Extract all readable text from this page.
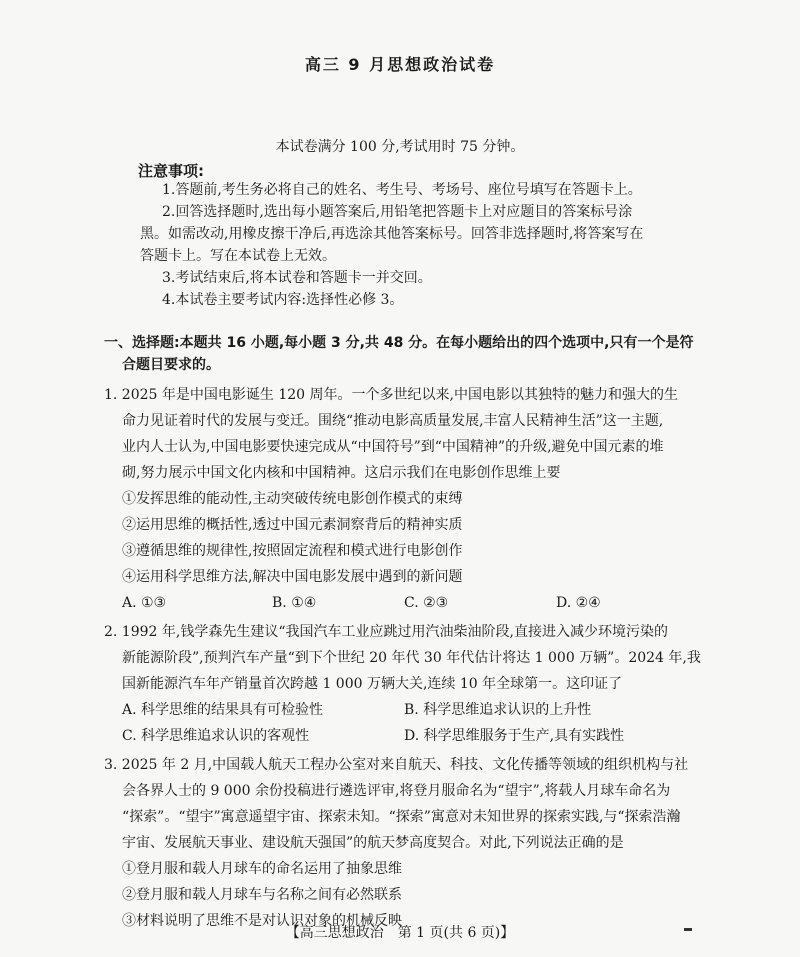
高三 9 月思想政治试卷
本试卷满分 100 分,考试用时 75 分钟。
注意事项:
1.答题前,考生务必将自己的姓名、考生号、考场号、座位号填写在答题卡上。
2.回答选择题时,选出每小题答案后,用铅笔把答题卡上对应题目的答案标号涂
黑。如需改动,用橡皮擦干净后,再选涂其他答案标号。回答非选择题时,将答案写在
答题卡上。写在本试卷上无效。
3.考试结束后,将本试卷和答题卡一并交回。
4.本试卷主要考试内容:选择性必修 3。
一、选择题:本题共 16 小题,每小题 3 分,共 48 分。在每小题给出的四个选项中,只有一个是符
合题目要求的。
1. 2025 年是中国电影诞生 120 周年。一个多世纪以来,中国电影以其独特的魅力和强大的生
命力见证着时代的发展与变迁。围绕“推动电影高质量发展,丰富人民精神生活”这一主题,
业内人士认为,中国电影要快速完成从“中国符号”到“中国精神”的升级,避免中国元素的堆
砌,努力展示中国文化内核和中国精神。这启示我们在电影创作思维上要
①发挥思维的能动性,主动突破传统电影创作模式的束缚
②运用思维的概括性,透过中国元素洞察背后的精神实质
③遵循思维的规律性,按照固定流程和模式进行电影创作
④运用科学思维方法,解决中国电影发展中遇到的新问题
A. ①③	B. ①④	C. ②③	D. ②④
2. 1992 年,钱学森先生建议“我国汽车工业应跳过用汽油柴油阶段,直接进入减少环境污染的
新能源阶段”,预判汽车产量“到下个世纪 20 年代 30 年代估计将达 1 000 万辆”。2024 年,我
国新能源汽车年产销量首次跨越 1 000 万辆大关,连续 10 年全球第一。这印证了
A. 科学思维的结果具有可检验性	B. 科学思维追求认识的上升性
C. 科学思维追求认识的客观性	D. 科学思维服务于生产,具有实践性
3. 2025 年 2 月,中国载人航天工程办公室对来自航天、科技、文化传播等领域的组织机构与社
会各界人士的 9 000 余份投稿进行遴选评审,将登月服命名为“望宇”,将载人月球车命名为
“探索”。“望宇”寓意遥望宇宙、探索未知。“探索”寓意对未知世界的探索实践,与“探索浩瀚
宇宙、发展航天事业、建设航天强国”的航天梦高度契合。对此,下列说法正确的是
①登月服和载人月球车的命名运用了抽象思维
②登月服和载人月球车与名称之间有必然联系
③材料说明了思维不是对认识对象的机械反映
【高三思想政治　第 1 页(共 6 页)】
